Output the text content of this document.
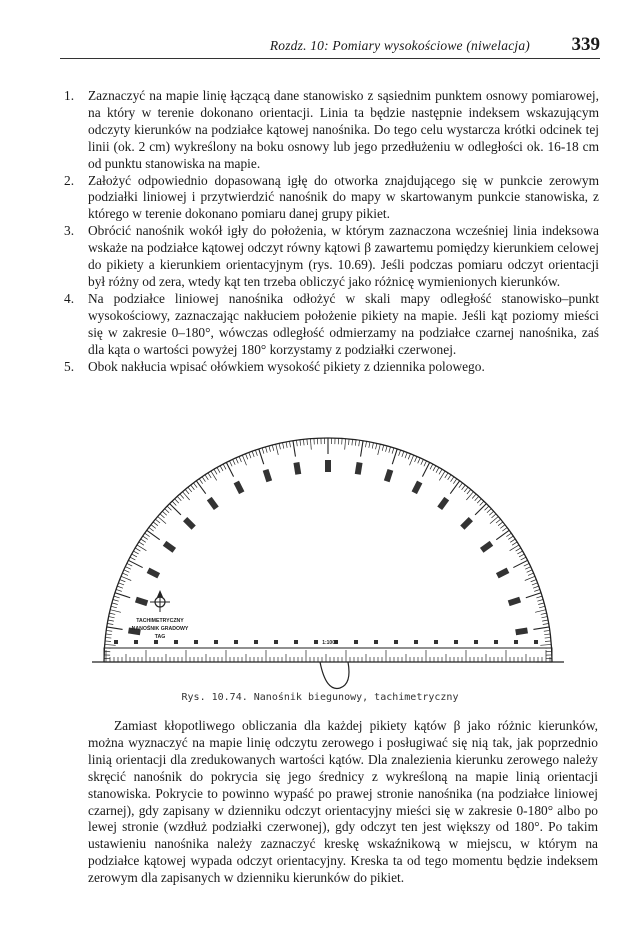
Rozdz. 10: Pomiary wysokościowe (niwelacja) 339
1. Zaznaczyć na mapie linię łączącą dane stanowisko z sąsiednim punktem osnowy pomiarowej, na który w terenie dokonano orientacji. Linia ta będzie następnie indeksem wskazującym odczyty kierunków na podziałce kątowej nanośnika. Do tego celu wystarcza krótki odcinek tej linii (ok. 2 cm) wykreślony na boku osnowy lub jego przedłużeniu w odległości ok. 16-18 cm od punktu stanowiska na mapie.
2. Założyć odpowiednio dopasowaną igłę do otworka znajdującego się w punkcie zerowym podziałki liniowej i przytwierdzić nanośnik do mapy w skartowanym punkcie stanowiska, z którego w terenie dokonano pomiaru danej grupy pikiet.
3. Obrócić nanośnik wokół igły do położenia, w którym zaznaczona wcześniej linia indeksowa wskaże na podziałce kątowej odczyt równy kątowi β zawartemu pomiędzy kierunkiem celowej do pikiety a kierunkiem orientacyjnym (rys. 10.69). Jeśli podczas pomiaru odczyt orientacji był różny od zera, wtedy kąt ten trzeba obliczyć jako różnicę wymienionych kierunków.
4. Na podziałce liniowej nanośnika odłożyć w skali mapy odległość stanowisko–punkt wysokościowy, zaznaczając nakłuciem położenie pikiety na mapie. Jeśli kąt poziomy mieści się w zakresie 0–180°, wówczas odległość odmierzamy na podziałce czarnej nanośnika, zaś dla kąta o wartości powyżej 180° korzystamy z podziałki czerwonej.
5. Obok nakłucia wpisać ołówkiem wysokość pikiety z dziennika polowego.
TACHIMETRYCZNY
NANOŚNIK GRADOWY
TAG
1:1000
Rys. 10.74. Nanośnik biegunowy, tachimetryczny

Zamiast kłopotliwego obliczania dla każdej pikiety kątów β jako różnic kierunków, można wyznaczyć na mapie linię odczytu zerowego i posługiwać się nią tak, jak poprzednio linią orientacji dla zredukowanych wartości kątów. Dla znalezienia kierunku zerowego należy skręcić nanośnik do pokrycia się jego średnicy z wykreśloną na mapie linią orientacji stanowiska. Pokrycie to powinno wypaść po prawej stronie nanośnika (na podziałce liniowej czarnej), gdy zapisany w dzienniku odczyt orientacyjny mieści się w zakresie 0-180° albo po lewej stronie (wzdłuż podziałki czerwonej), gdy odczyt ten jest większy od 180°. Po takim ustawieniu nanośnika należy zaznaczyć kreskę wskaźnikową w miejscu, w którym na podziałce kątowej wypada odczyt orientacyjny. Kreska ta od tego momentu będzie indeksem zerowym dla zapisanych w dzienniku kierunków do pikiet.
